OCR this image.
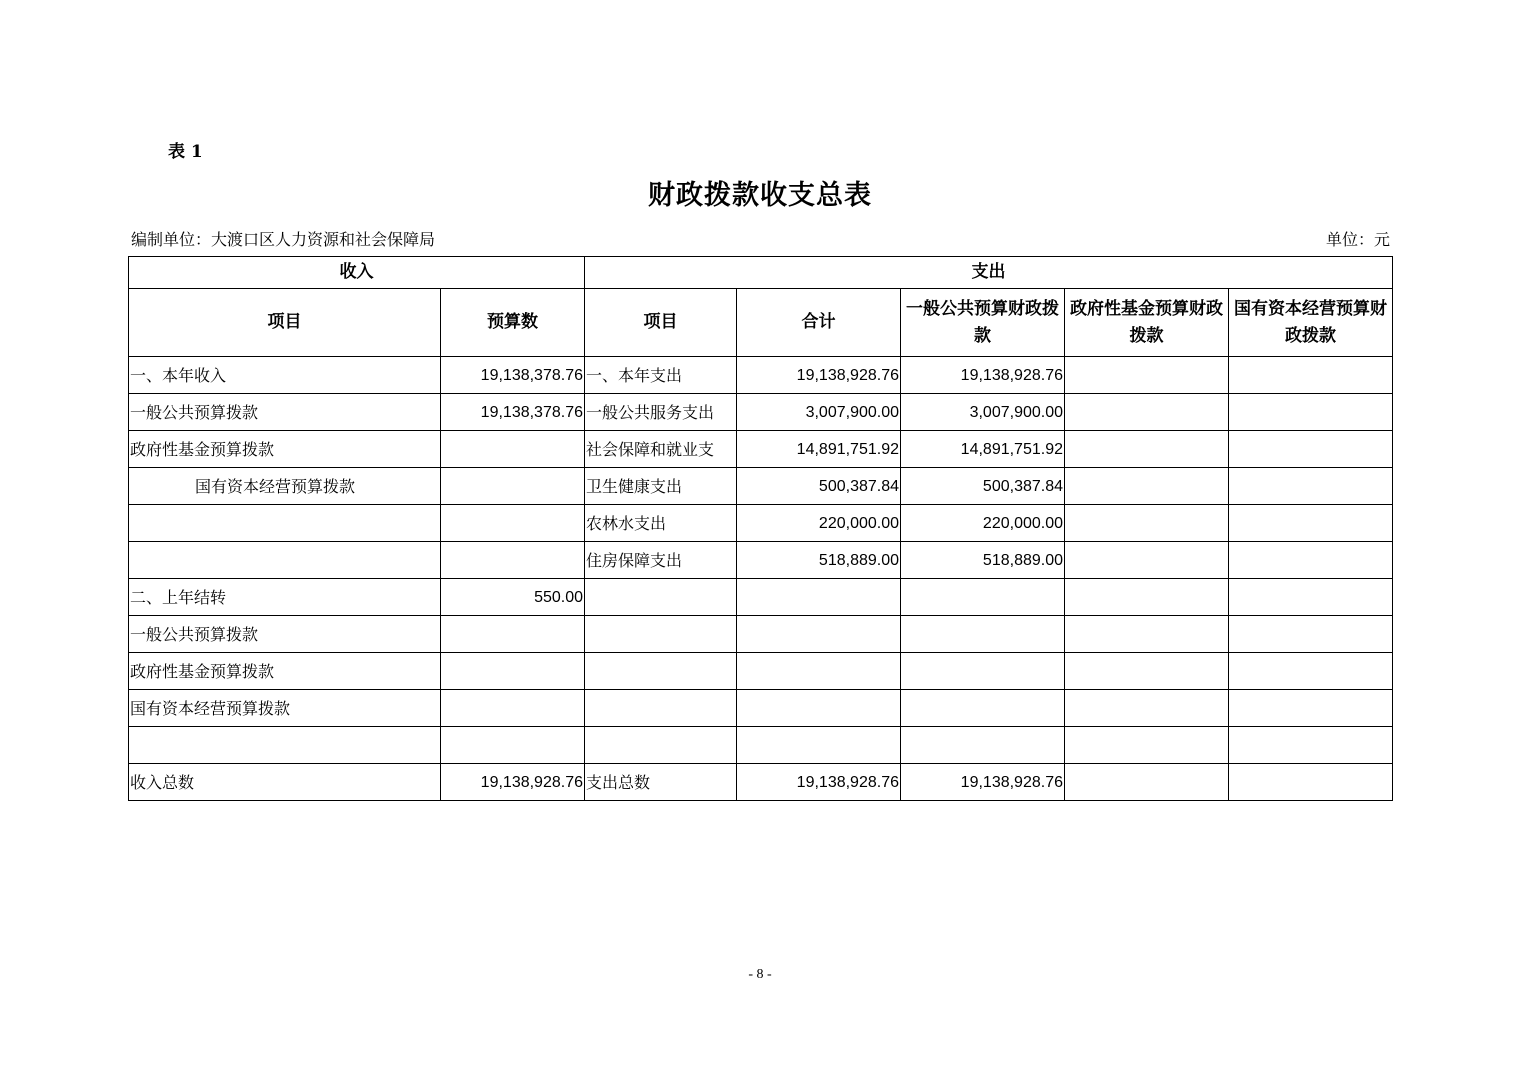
表 1
财政拨款收支总表
编制单位：大渡口区人力资源和社会保障局	单位：元
收入		支出				
项目	预算数	项目	合计	一般公共预算财政拨款	政府性基金预算财政拨款	国有资本经营预算财政拨款
一、本年收入	19,138,378.76	一、本年支出	19,138,928.76	19,138,928.76		
一般公共预算拨款	19,138,378.76	一般公共服务支出	3,007,900.00	3,007,900.00		
政府性基金预算拨款		社会保障和就业支	14,891,751.92	14,891,751.92		
国有资本经营预算拨款		卫生健康支出	500,387.84	500,387.84		
		农林水支出	220,000.00	220,000.00		
		住房保障支出	518,889.00	518,889.00		
二、上年结转	550.00					
一般公共预算拨款						
政府性基金预算拨款						
国有资本经营预算拨款						

收入总数	19,138,928.76	支出总数	19,138,928.76	19,138,928.76		
- 8 -
